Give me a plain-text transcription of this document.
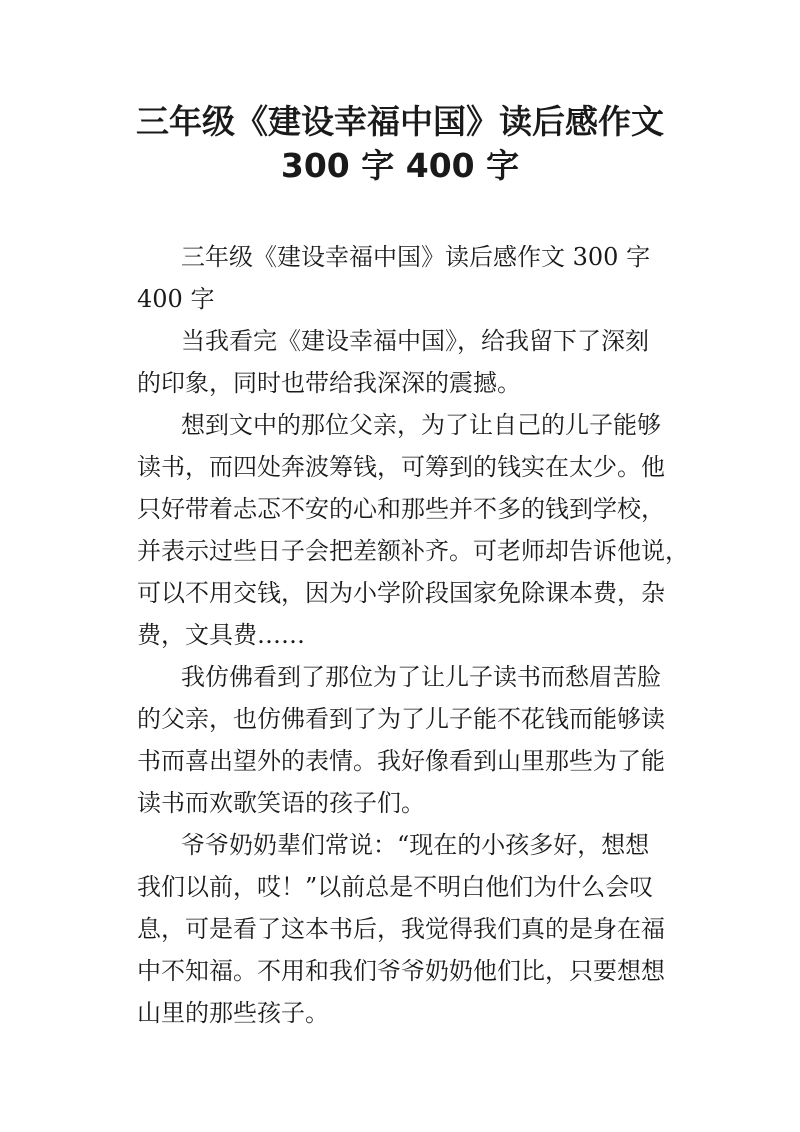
三年级《建设幸福中国》读后感作文
300 字 400 字
三年级《建设幸福中国》读后感作文 300 字
400 字
当我看完《建设幸福中国》，给我留下了深刻
的印象，同时也带给我深深的震撼。
想到文中的那位父亲，为了让自己的儿子能够
读书，而四处奔波筹钱，可筹到的钱实在太少。他
只好带着忐忑不安的心和那些并不多的钱到学校，
并表示过些日子会把差额补齐。可老师却告诉他说，
可以不用交钱，因为小学阶段国家免除课本费，杂
费，文具费……
我仿佛看到了那位为了让儿子读书而愁眉苦脸
的父亲，也仿佛看到了为了儿子能不花钱而能够读
书而喜出望外的表情。我好像看到山里那些为了能
读书而欢歌笑语的孩子们。
爷爷奶奶辈们常说：“现在的小孩多好，想想
我们以前，哎！”以前总是不明白他们为什么会叹
息，可是看了这本书后，我觉得我们真的是身在福
中不知福。不用和我们爷爷奶奶他们比，只要想想
山里的那些孩子。
